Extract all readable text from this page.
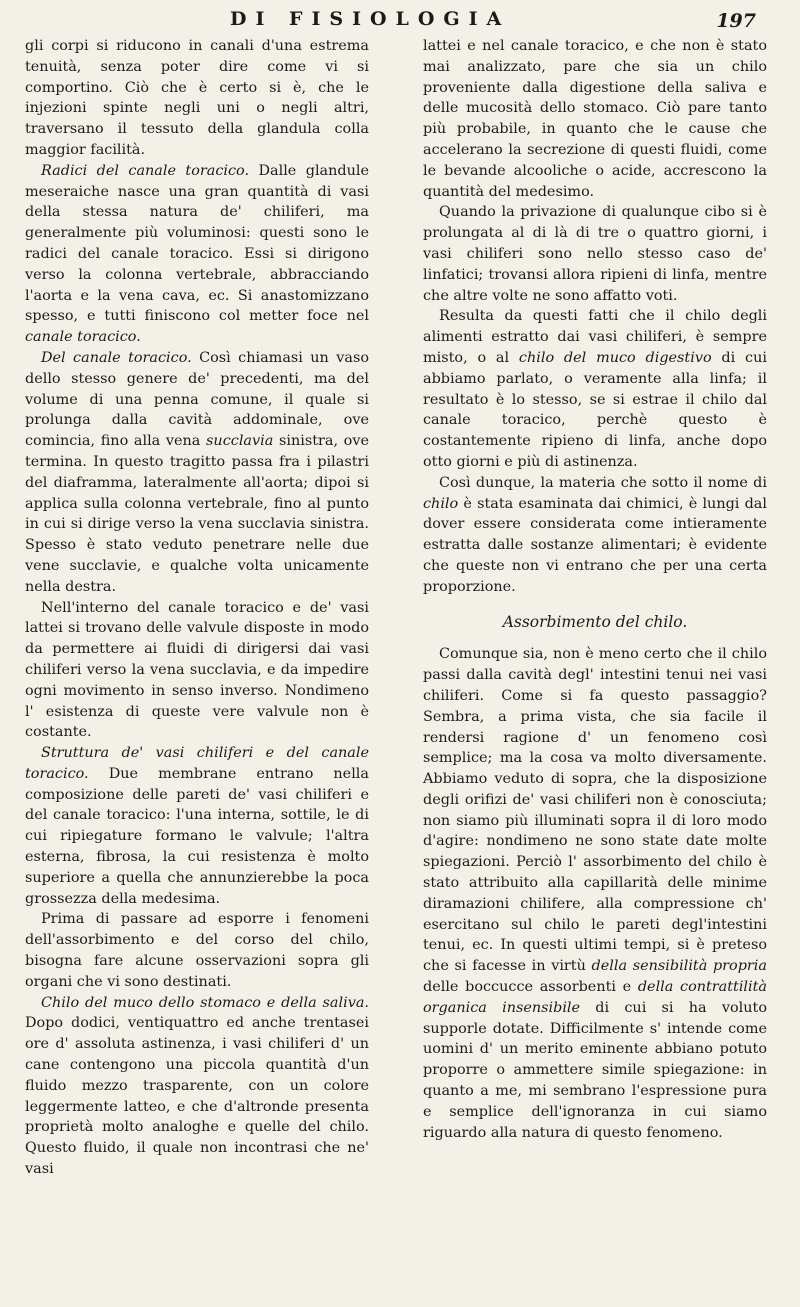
DI FISIOLOGIA	197

gli corpi si riducono in canali d'una estrema tenuità, senza poter dire come vi si comportino. Ciò che è certo si è, che le injezioni spinte negli uni o negli altri, traversano il tessuto della glandula colla maggior facilità.

Radici del canale toracico. Dalle glandule meseraiche nasce una gran quantità di vasi della stessa natura de' chiliferi, ma generalmente più voluminosi: questi sono le radici del canale toracico. Essi si dirigono verso la colonna vertebrale, abbracciando l'aorta e la vena cava, ec. Si anastomizzano spesso, e tutti finiscono col metter foce nel canale toracico.

Del canale toracico. Così chiamasi un vaso dello stesso genere de' precedenti, ma del volume di una penna comune, il quale si prolunga dalla cavità addominale, ove comincia, fino alla vena succlavia sinistra, ove termina. In questo tragitto passa fra i pilastri del diaframma, lateralmente all'aorta; dipoi si applica sulla colonna vertebrale, fino al punto in cui si dirige verso la vena succlavia sinistra. Spesso è stato veduto penetrare nelle due vene succlavie, e qualche volta unicamente nella destra.

Nell'interno del canale toracico e de' vasi lattei si trovano delle valvule disposte in modo da permettere ai fluidi di dirigersi dai vasi chiliferi verso la vena succlavia, e da impedire ogni movimento in senso inverso. Nondimeno l' esistenza di queste vere valvule non è costante.

Struttura de' vasi chiliferi e del canale toracico. Due membrane entrano nella composizione delle pareti de' vasi chiliferi e del canale toracico: l'una interna, sottile, le di cui ripiegature formano le valvule; l'altra esterna, fibrosa, la cui resistenza è molto superiore a quella che annunzierebbe la poca grossezza della medesima.

Prima di passare ad esporre i fenomeni dell'assorbimento e del corso del chilo, bisogna fare alcune osservazioni sopra gli organi che vi sono destinati.

Chilo del muco dello stomaco e della saliva. Dopo dodici, ventiquattro ed anche trentasei ore d' assoluta astinenza, i vasi chiliferi d' un cane contengono una piccola quantità d'un fluido mezzo trasparente, con un colore leggermente latteo, e che d'altronde presenta proprietà molto analoghe e quelle del chilo. Questo fluido, il quale non incontrasi che ne' vasi

lattei e nel canale toracico, e che non è stato mai analizzato, pare che sia un chilo proveniente dalla digestione della saliva e delle mucosità dello stomaco. Ciò pare tanto più probabile, in quanto che le cause che accelerano la secrezione di questi fluidi, come le bevande alcooliche o acide, accrescono la quantità del medesimo.

Quando la privazione di qualunque cibo si è prolungata al di là di tre o quattro giorni, i vasi chiliferi sono nello stesso caso de' linfatici; trovansi allora ripieni di linfa, mentre che altre volte ne sono affatto voti.

Resulta da questi fatti che il chilo degli alimenti estratto dai vasi chiliferi, è sempre misto, o al chilo del muco digestivo di cui abbiamo parlato, o veramente alla linfa; il resultato è lo stesso, se si estrae il chilo dal canale toracico, perchè questo è costantemente ripieno di linfa, anche dopo otto giorni e più di astinenza.

Così dunque, la materia che sotto il nome di chilo è stata esaminata dai chimici, è lungi dal dover essere considerata come intieramente estratta dalle sostanze alimentari; è evidente che queste non vi entrano che per una certa proporzione.

Assorbimento del chilo.

Comunque sia, non è meno certo che il chilo passi dalla cavità degl' intestini tenui nei vasi chiliferi. Come si fa questo passaggio? Sembra, a prima vista, che sia facile il rendersi ragione d' un fenomeno così semplice; ma la cosa va molto diversamente. Abbiamo veduto di sopra, che la disposizione degli orifizi de' vasi chiliferi non è conosciuta; non siamo più illuminati sopra il di loro modo d'agire: nondimeno ne sono state date molte spiegazioni. Perciò l' assorbimento del chilo è stato attribuito alla capillarità delle minime diramazioni chilifere, alla compressione ch' esercitano sul chilo le pareti degl'intestini tenui, ec. In questi ultimi tempi, si è preteso che si facesse in virtù della sensibilità propria delle boccucce assorbenti e della contrattilità organica insensibile di cui si ha voluto supporle dotate. Difficilmente s' intende come uomini d' un merito eminente abbiano potuto proporre o ammettere simile spiegazione: in quanto a me, mi sembrano l'espressione pura e semplice dell'ignoranza in cui siamo riguardo alla natura di questo fenomeno.
